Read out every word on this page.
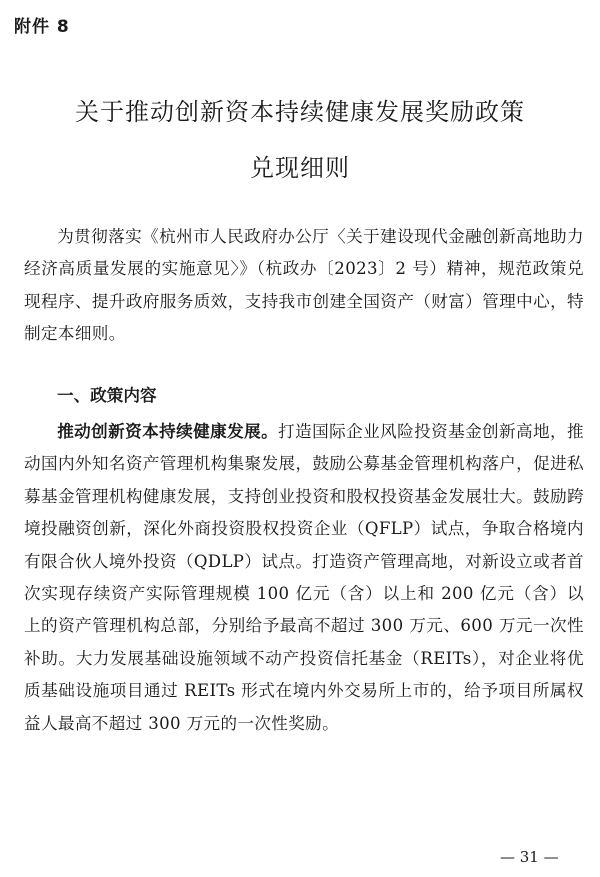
附件 8
关于推动创新资本持续健康发展奖励政策
兑现细则
为贯彻落实《杭州市人民政府办公厅〈关于建设现代金融创新高地助力经济高质量发展的实施意见〉》（杭政办〔2023〕2 号）精神，规范政策兑现程序、提升政府服务质效，支持我市创建全国资产（财富）管理中心，特制定本细则。
一、政策内容
推动创新资本持续健康发展。打造国际企业风险投资基金创新高地，推动国内外知名资产管理机构集聚发展，鼓励公募基金管理机构落户，促进私募基金管理机构健康发展，支持创业投资和股权投资基金发展壮大。鼓励跨境投融资创新，深化外商投资股权投资企业（QFLP）试点，争取合格境内有限合伙人境外投资（QDLP）试点。打造资产管理高地，对新设立或者首次实现存续资产实际管理规模 100 亿元（含）以上和 200 亿元（含）以上的资产管理机构总部，分别给予最高不超过 300 万元、600 万元一次性补助。大力发展基础设施领域不动产投资信托基金（REITs），对企业将优质基础设施项目通过 REITs 形式在境内外交易所上市的，给予项目所属权益人最高不超过 300 万元的一次性奖励。
— 31 —
